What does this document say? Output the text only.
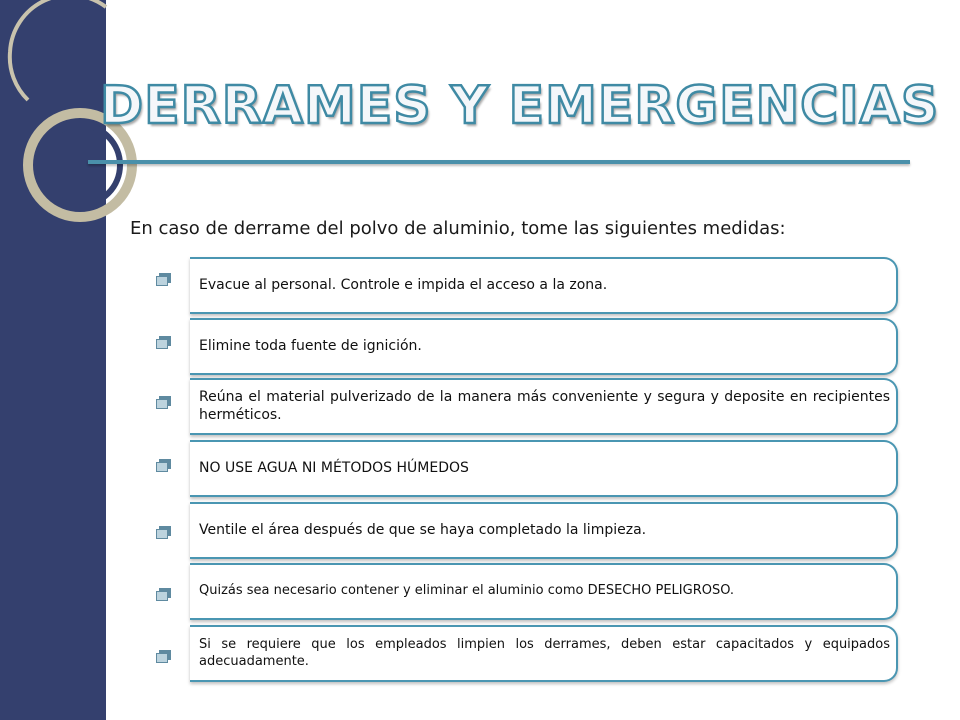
DERRAMES Y EMERGENCIAS

En caso de derrame del polvo de aluminio, tome las siguientes medidas:

Evacue al personal. Controle e impida el acceso a la zona.
Elimine toda fuente de ignición.
Reúna el material pulverizado de la manera más conveniente y segura y deposite en recipientes herméticos.
NO USE AGUA NI MÉTODOS HÚMEDOS
Ventile el área después de que se haya completado la limpieza.
Quizás sea necesario contener y eliminar el aluminio como DESECHO PELIGROSO.
Si se requiere que los empleados limpien los derrames, deben estar capacitados y equipados adecuadamente.
